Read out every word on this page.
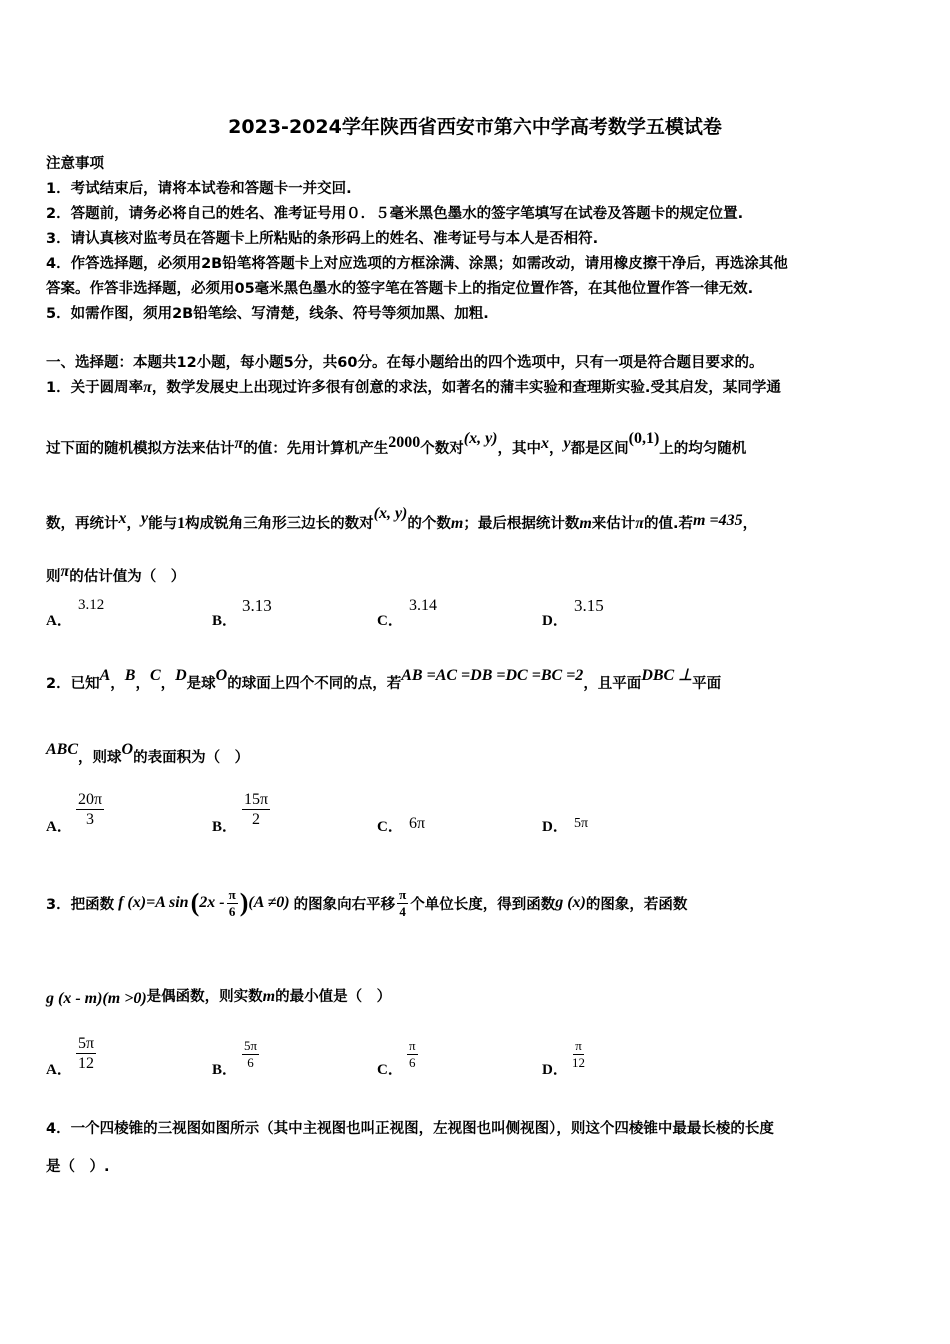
2023-2024学年陕西省西安市第六中学高考数学五模试卷
注意事项
1．考试结束后，请将本试卷和答题卡一并交回.
2．答题前，请务必将自己的姓名、准考证号用０．５毫米黑色墨水的签字笔填写在试卷及答题卡的规定位置.
3．请认真核对监考员在答题卡上所粘贴的条形码上的姓名、准考证号与本人是否相符.
4．作答选择题，必须用2B铅笔将答题卡上对应选项的方框涂满、涂黑；如需改动，请用橡皮擦干净后，再选涂其他
答案。作答非选择题，必须用05毫米黑色墨水的签字笔在答题卡上的指定位置作答，在其他位置作答一律无效.
5．如需作图，须用2B铅笔绘、写清楚，线条、符号等须加黑、加粗.
一、选择题：本题共12小题，每小题5分，共60分。在每小题给出的四个选项中，只有一项是符合题目要求的。
1．关于圆周率π，数学发展史上出现过许多很有创意的求法，如著名的蒲丰实验和查理斯实验.受其启发，某同学通
过下面的随机模拟方法来估计π的值：先用计算机产生2000个数对(x, y)，其中x，y都是区间(0,1)上的均匀随机
数，再统计x，y能与1构成锐角三角形三边长的数对(x, y)的个数m；最后根据统计数m来估计π的值.若m =435，
则π的估计值为（　）
A．
3.12
B．
3.13
C．
3.14
D．
3.15
2．已知A，B，C，D是球O的球面上四个不同的点，若AB =AC =DB =DC =BC =2，且平面DBC ⊥平面
ABC，则球O的表面积为（　）
A． $\frac{20\pi}{3}$	B． $\frac{15\pi}{2}$	C． 6π	D． 5π
3．把函数 f (x)=A sin ( $2x - \frac{\pi}{6}$ ) (A ≠0) 的图象向右平移 $\frac{\pi}{4}$ 个单位长度，得到函数 g (x) 的图象，若函数
g (x - m)(m >0)是偶函数，则实数m的最小值是（　）
A． $\frac{5\pi}{12}$	B． $\frac{5\pi}{6}$	C． $\frac{\pi}{6}$	D． $\frac{\pi}{12}$
4．一个四棱锥的三视图如图所示（其中主视图也叫正视图，左视图也叫侧视图），则这个四棱锥中最最长棱的长度
是（　）.
